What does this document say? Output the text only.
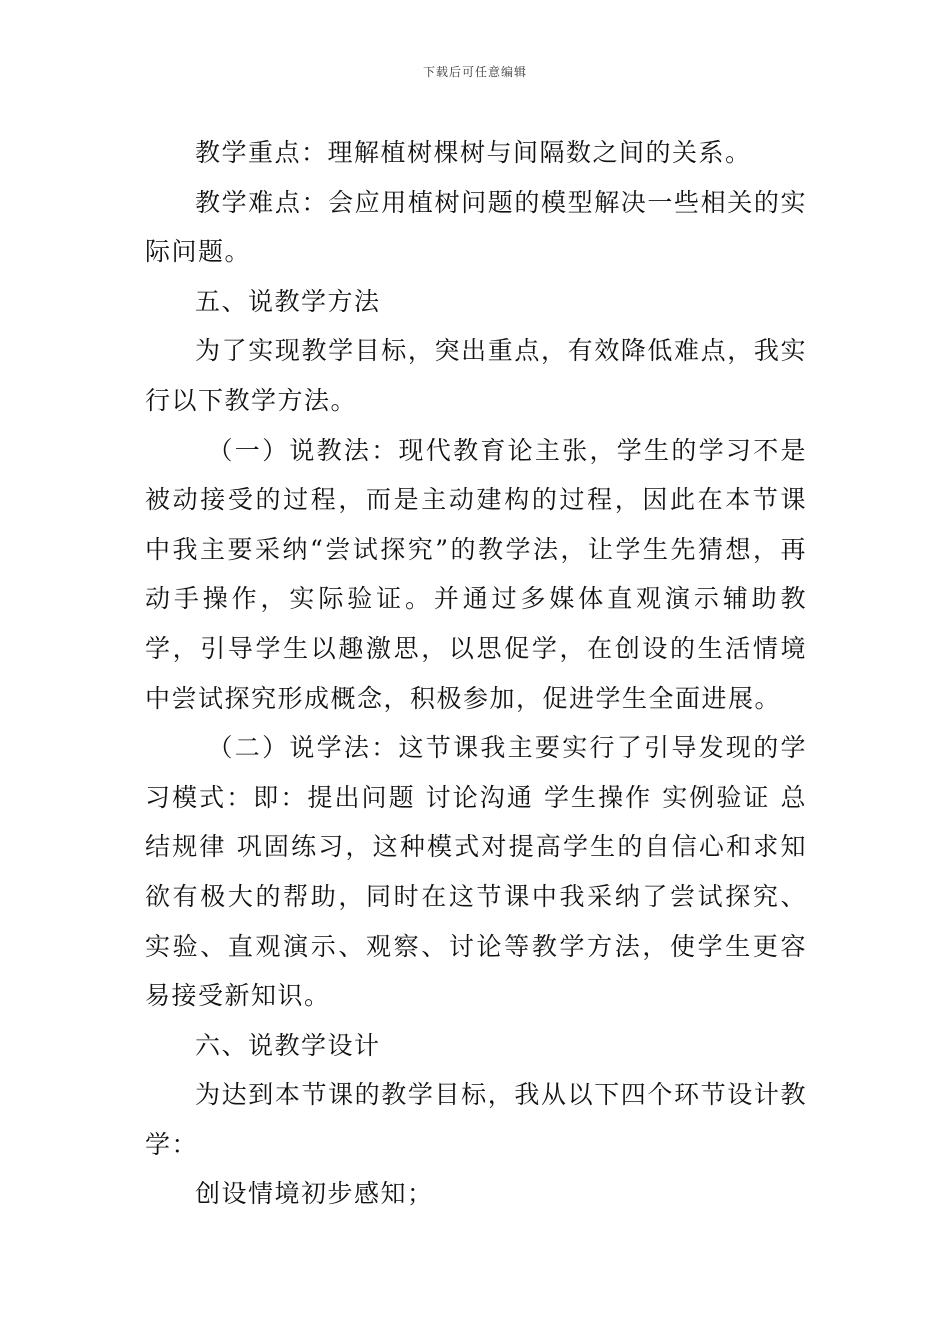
下载后可任意编辑

教学重点：理解植树棵树与间隔数之间的关系。

教学难点：会应用植树问题的模型解决一些相关的实际问题。

五、说教学方法

为了实现教学目标，突出重点，有效降低难点，我实行以下教学方法。

（一）说教法：现代教育论主张，学生的学习不是被动接受的过程，而是主动建构的过程，因此在本节课中我主要采纳“尝试探究”的教学法，让学生先猜想，再动手操作，实际验证。并通过多媒体直观演示辅助教学，引导学生以趣激思，以思促学，在创设的生活情境中尝试探究形成概念，积极参加，促进学生全面进展。

（二）说学法：这节课我主要实行了引导发现的学习模式：即：提出问题 讨论沟通 学生操作 实例验证 总结规律 巩固练习，这种模式对提高学生的自信心和求知欲有极大的帮助，同时在这节课中我采纳了尝试探究、实验、直观演示、观察、讨论等教学方法，使学生更容易接受新知识。

六、说教学设计

为达到本节课的教学目标，我从以下四个环节设计教学：

创设情境初步感知；
